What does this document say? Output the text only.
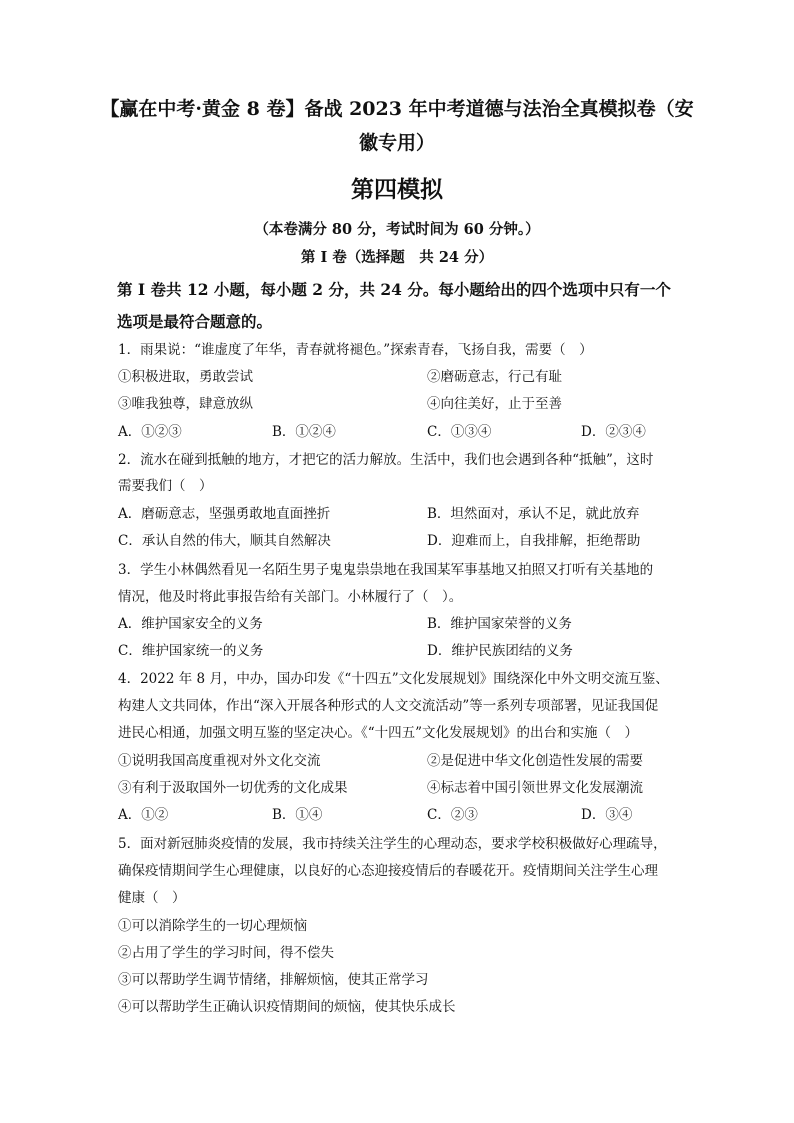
【赢在中考·黄金 8 卷】备战 2023 年中考道德与法治全真模拟卷（安
徽专用）
第四模拟
（本卷满分 80 分，考试时间为 60 分钟。）
第 I 卷（选择题　共 24 分）
第 I 卷共 12 小题，每小题 2 分，共 24 分。每小题给出的四个选项中只有一个
选项是最符合题意的。
1．雨果说：“谁虚度了年华，青春就将褪色。”探索青春，飞扬自我，需要（　）
①积极进取，勇敢尝试	②磨砺意志，行己有耻
③唯我独尊，肆意放纵	④向往美好，止于至善
A．①②③	B．①②④	C．①③④	D．②③④
2．流水在碰到抵触的地方，才把它的活力解放。生活中，我们也会遇到各种“抵触”，这时
需要我们（　）
A．磨砺意志，坚强勇敢地直面挫折	B．坦然面对，承认不足，就此放弃
C．承认自然的伟大，顺其自然解决	D．迎难而上，自我排解，拒绝帮助
3．学生小林偶然看见一名陌生男子鬼鬼祟祟地在我国某军事基地又拍照又打听有关基地的
情况，他及时将此事报告给有关部门。小林履行了（　）。
A．维护国家安全的义务	B．维护国家荣誉的义务
C．维护国家统一的义务	D．维护民族团结的义务
4．2022 年 8 月，中办，国办印发《“十四五”文化发展规划》围绕深化中外文明交流互鉴、
构建人文共同体，作出“深入开展各种形式的人文交流活动”等一系列专项部署，见证我国促
进民心相通，加强文明互鉴的坚定决心。《“十四五”文化发展规划》的出台和实施（　）
①说明我国高度重视对外文化交流	②是促进中华文化创造性发展的需要
③有利于汲取国外一切优秀的文化成果	④标志着中国引领世界文化发展潮流
A．①②	B．①④	C．②③	D．③④
5．面对新冠肺炎疫情的发展，我市持续关注学生的心理动态，要求学校积极做好心理疏导，
确保疫情期间学生心理健康，以良好的心态迎接疫情后的春暖花开。疫情期间关注学生心理
健康（　）
①可以消除学生的一切心理烦恼
②占用了学生的学习时间，得不偿失
③可以帮助学生调节情绪，排解烦恼，使其正常学习
④可以帮助学生正确认识疫情期间的烦恼，使其快乐成长
